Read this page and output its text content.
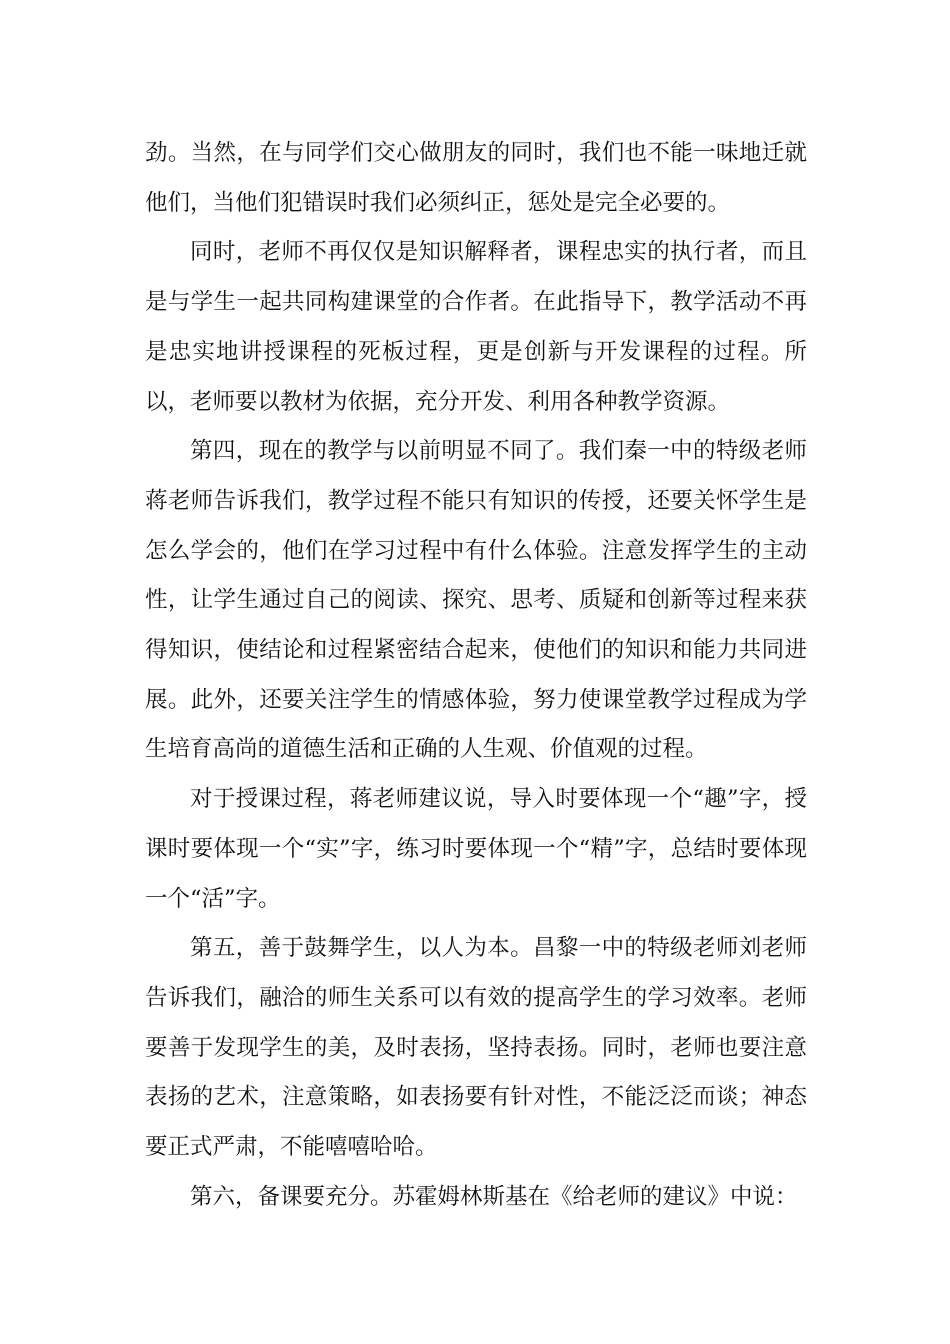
劲。当然，在与同学们交心做朋友的同时，我们也不能一味地迁就他们，当他们犯错误时我们必须纠正，惩处是完全必要的。

同时，老师不再仅仅是知识解释者，课程忠实的执行者，而且是与学生一起共同构建课堂的合作者。在此指导下，教学活动不再是忠实地讲授课程的死板过程，更是创新与开发课程的过程。所以，老师要以教材为依据，充分开发、利用各种教学资源。

第四，现在的教学与以前明显不同了。我们秦一中的特级老师蒋老师告诉我们，教学过程不能只有知识的传授，还要关怀学生是怎么学会的，他们在学习过程中有什么体验。注意发挥学生的主动性，让学生通过自己的阅读、探究、思考、质疑和创新等过程来获得知识，使结论和过程紧密结合起来，使他们的知识和能力共同进展。此外，还要关注学生的情感体验，努力使课堂教学过程成为学生培育高尚的道德生活和正确的人生观、价值观的过程。

对于授课过程，蒋老师建议说，导入时要体现一个“趣”字，授课时要体现一个“实”字，练习时要体现一个“精”字，总结时要体现一个“活”字。

第五，善于鼓舞学生，以人为本。昌黎一中的特级老师刘老师告诉我们，融洽的师生关系可以有效的提高学生的学习效率。老师要善于发现学生的美，及时表扬，坚持表扬。同时，老师也要注意表扬的艺术，注意策略，如表扬要有针对性，不能泛泛而谈；神态要正式严肃，不能嘻嘻哈哈。

第六，备课要充分。苏霍姆林斯基在《给老师的建议》中说：
